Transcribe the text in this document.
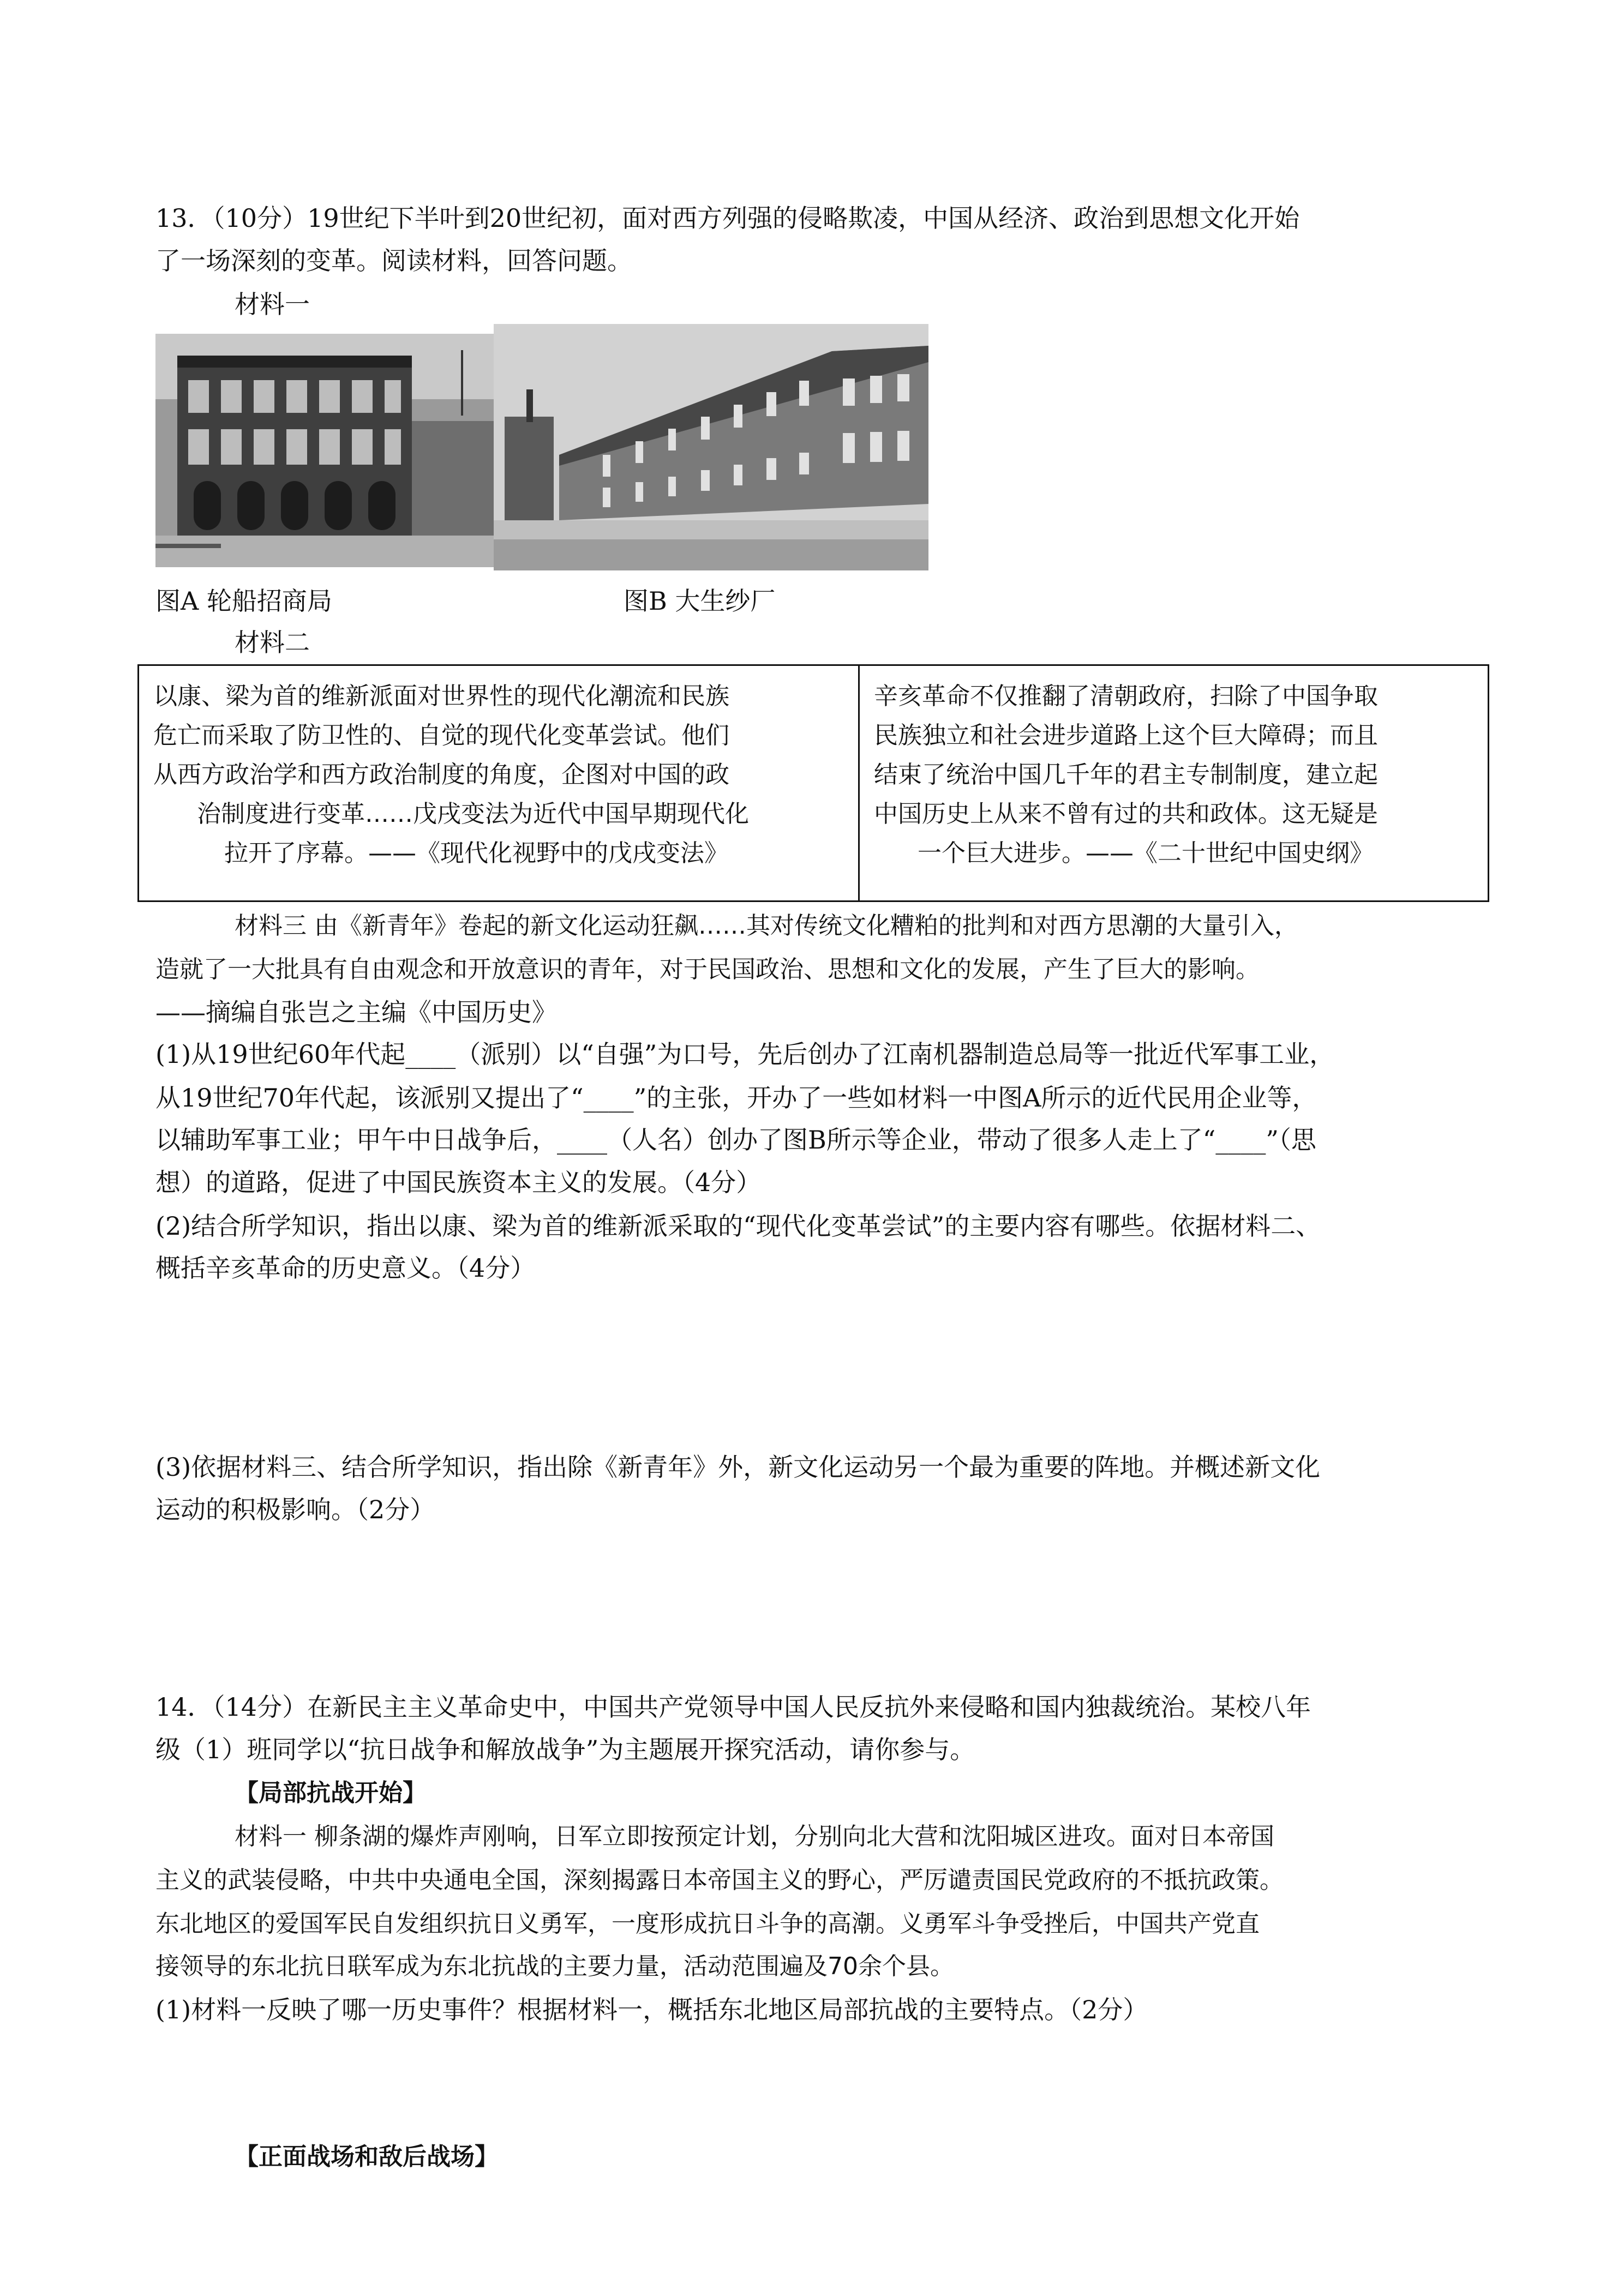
13．（10分）19世纪下半叶到20世纪初，面对西方列强的侵略欺凌，中国从经济、政治到思想文化开始
了一场深刻的变革。阅读材料，回答问题。
材料一
图A 轮船招商局	图B 大生纱厂
材料二
以康、梁为首的维新派面对世界性的现代化潮流和民族
危亡而采取了防卫性的、自觉的现代化变革尝试。他们
从西方政治学和西方政治制度的角度，企图对中国的政
治制度进行变革……戊戌变法为近代中国早期现代化
拉开了序幕。——《现代化视野中的戊戌变法》
辛亥革命不仅推翻了清朝政府，扫除了中国争取
民族独立和社会进步道路上这个巨大障碍；而且
结束了统治中国几千年的君主专制制度，建立起
中国历史上从来不曾有过的共和政体。这无疑是
一个巨大进步。——《二十世纪中国史纲》
材料三 由《新青年》卷起的新文化运动狂飙……其对传统文化糟粕的批判和对西方思潮的大量引入，
造就了一大批具有自由观念和开放意识的青年，对于民国政治、思想和文化的发展，产生了巨大的影响。
——摘编自张岂之主编《中国历史》
(1)从19世纪60年代起____（派别）以“自强”为口号，先后创办了江南机器制造总局等一批近代军事工业，
从19世纪70年代起，该派别又提出了“____”的主张，开办了一些如材料一中图A所示的近代民用企业等，
以辅助军事工业；甲午中日战争后，____（人名）创办了图B所示等企业，带动了很多人走上了“____”（思
想）的道路，促进了中国民族资本主义的发展。（4分）
(2)结合所学知识，指出以康、梁为首的维新派采取的“现代化变革尝试”的主要内容有哪些。依据材料二、
概括辛亥革命的历史意义。（4分）
(3)依据材料三、结合所学知识，指出除《新青年》外，新文化运动另一个最为重要的阵地。并概述新文化
运动的积极影响。（2分）
14．（14分）在新民主主义革命史中，中国共产党领导中国人民反抗外来侵略和国内独裁统治。某校八年
级（1）班同学以“抗日战争和解放战争”为主题展开探究活动，请你参与。
【局部抗战开始】
材料一 柳条湖的爆炸声刚响，日军立即按预定计划，分别向北大营和沈阳城区进攻。面对日本帝国
主义的武装侵略，中共中央通电全国，深刻揭露日本帝国主义的野心，严厉谴责国民党政府的不抵抗政策。
东北地区的爱国军民自发组织抗日义勇军，一度形成抗日斗争的高潮。义勇军斗争受挫后，中国共产党直
接领导的东北抗日联军成为东北抗战的主要力量，活动范围遍及70余个县。
(1)材料一反映了哪一历史事件？根据材料一，概括东北地区局部抗战的主要特点。（2分）
【正面战场和敌后战场】
